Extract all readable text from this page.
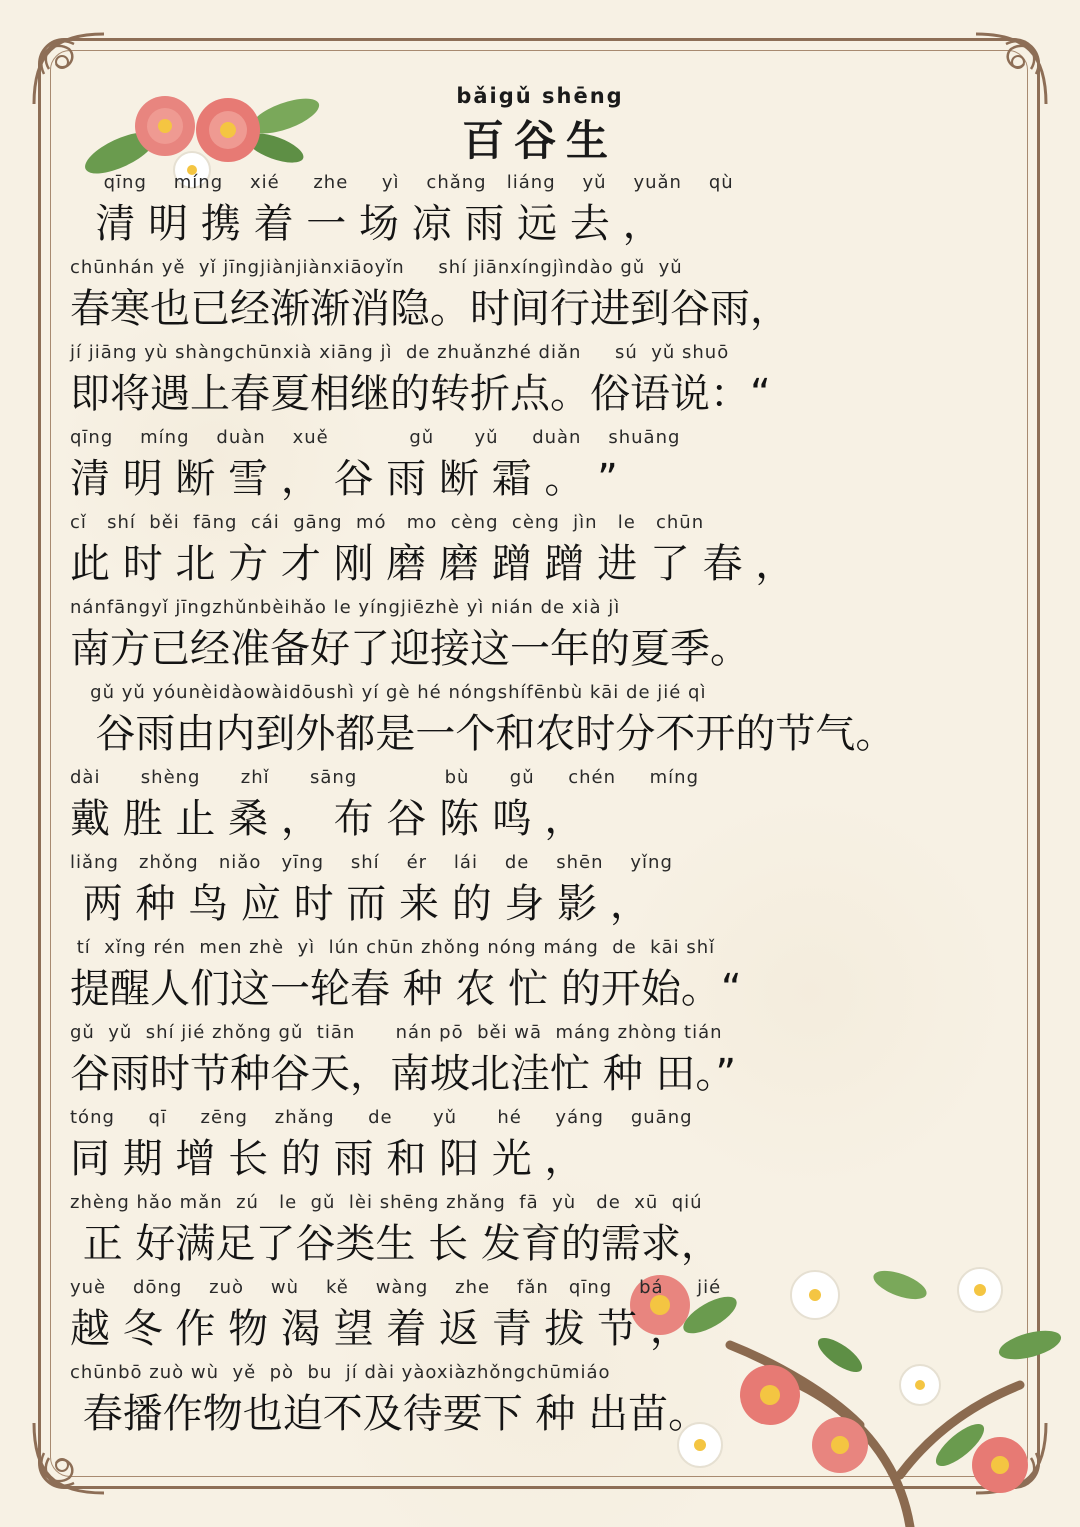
bǎigǔ shēng
百谷生
qīng    míng    xié     zhe     yì    chǎng   liáng    yǔ    yuǎn    qù
清 明 携 着 一 场 凉 雨 远 去 ，
chūnhán yě  yǐ jīngjiànjiànxiāoyǐn     shí jiānxíngjìndào gǔ  yǔ
春寒也已经渐渐消隐。时间行进到谷雨，
jí jiāng yù shàngchūnxià xiāng jì  de zhuǎnzhé diǎn     sú  yǔ shuō
即将遇上春夏相继的转折点。俗语说：“
qīng    míng    duàn    xuě            gǔ      yǔ     duàn    shuāng
清 明 断 雪 ， 谷 雨 断 霜 。 ”
cǐ   shí  běi  fāng  cái  gāng  mó   mo  cèng  cèng  jìn   le   chūn
此 时 北 方 才 刚 磨 磨 蹭 蹭 进 了 春 ，
nánfāngyǐ jīngzhǔnbèihǎo le yíngjiēzhè yì nián de xià jì
南方已经准备好了迎接这一年的夏季。
gǔ yǔ yóunèidàowàidōushì yí gè hé nóngshífēnbù kāi de jié qì
谷雨由内到外都是一个和农时分不开的节气。
dài      shèng      zhǐ      sāng             bù      gǔ     chén     míng
戴 胜 止 桑 ， 布 谷 陈 鸣 ，
liǎng   zhǒng   niǎo   yīng    shí    ér    lái    de    shēn    yǐng
两 种 鸟 应 时 而 来 的 身 影 ，
tí  xǐng rén  men zhè  yì  lún chūn zhǒng nóng máng  de  kāi shǐ
提醒人们这一轮春 种 农 忙 的开始。“
gǔ  yǔ  shí jié zhǒng gǔ  tiān      nán pō  běi wā  máng zhòng tián
谷雨时节种谷天，南坡北洼忙 种 田。”
tóng     qī     zēng    zhǎng     de      yǔ      hé     yáng    guāng
同 期 增 长 的 雨 和 阳 光 ，
zhèng hǎo mǎn  zú   le  gǔ  lèi shēng zhǎng  fā  yù   de  xū  qiú
正 好满足了谷类生 长 发育的需求，
yuè    dōng    zuò    wù    kě    wàng    zhe    fǎn   qīng    bá     jié
越 冬 作 物 渴 望 着 返 青 拔 节 ，
chūnbō zuò wù  yě  pò  bu  jí dài yàoxiàzhǒngchūmiáo
春播作物也迫不及待要下 种 出苗。
